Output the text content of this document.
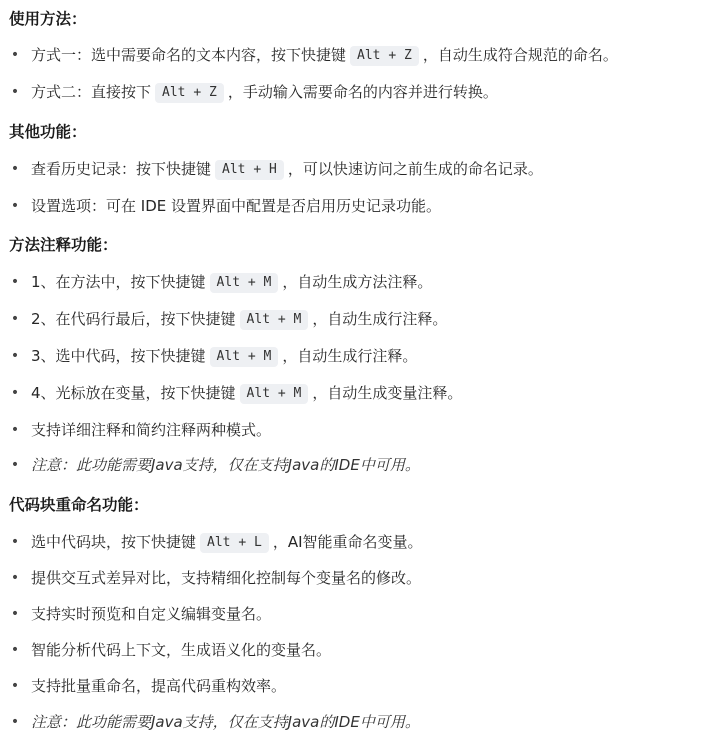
使用方法：
• 方式一：选中需要命名的文本内容，按下快捷键 Alt + Z ，自动生成符合规范的命名。
• 方式二：直接按下 Alt + Z ，手动输入需要命名的内容并进行转换。
其他功能：
• 查看历史记录：按下快捷键 Alt + H ，可以快速访问之前生成的命名记录。
• 设置选项：可在 IDE 设置界面中配置是否启用历史记录功能。
方法注释功能：
• 1、在方法中，按下快捷键 Alt + M ，自动生成方法注释。
• 2、在代码行最后，按下快捷键 Alt + M ，自动生成行注释。
• 3、选中代码，按下快捷键 Alt + M ，自动生成行注释。
• 4、光标放在变量，按下快捷键 Alt + M ，自动生成变量注释。
• 支持详细注释和简约注释两种模式。
• 注意：此功能需要Java支持，仅在支持Java的IDE中可用。
代码块重命名功能：
• 选中代码块，按下快捷键 Alt + L ，AI智能重命名变量。
• 提供交互式差异对比，支持精细化控制每个变量名的修改。
• 支持实时预览和自定义编辑变量名。
• 智能分析代码上下文，生成语义化的变量名。
• 支持批量重命名，提高代码重构效率。
• 注意：此功能需要Java支持，仅在支持Java的IDE中可用。
